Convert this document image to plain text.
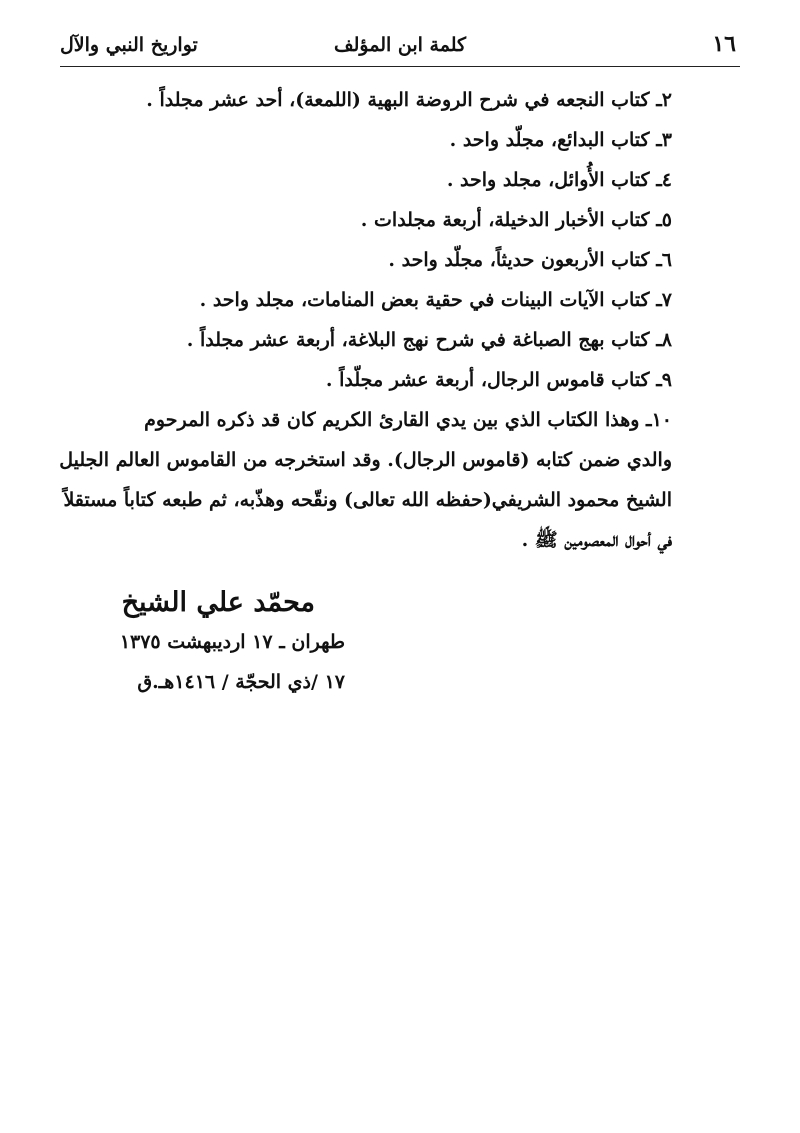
١٦
كلمة ابن المؤلف
تواريخ النبي والآل
٢ـ كتاب النجعه في شرح الروضة البهية (اللمعة)، أحد عشر مجلداً .
٣ـ كتاب البدائع، مجلّد واحد .
٤ـ كتاب الأُوائل، مجلد واحد .
٥ـ كتاب الأخبار الدخيلة، أربعة مجلدات .
٦ـ كتاب الأربعون حديثاً، مجلّد واحد .
٧ـ كتاب الآيات البينات في حقية بعض المنامات، مجلد واحد .
٨ـ كتاب بهج الصباغة في شرح نهج البلاغة، أربعة عشر مجلداً .
٩ـ كتاب قاموس الرجال، أربعة عشر مجلّداً .
١٠ـ وهذا الكتاب الذي بين يدي القارئ الكريم كان قد ذكره المرحوم
والدي ضمن كتابه (قاموس الرجال). وقد استخرجه من القاموس العالم الجليل
الشيخ محمود الشريفي(حفظه الله تعالى) ونقّحه وهذّبه، ثم طبعه كتاباً مستقلاً
في أحوال المعصومين ﷺ .
محمّد علي الشيخ
طهران ـ ١٧ ارديبهشت ١٣٧٥
١٧ /ذي الحجّة / ١٤١٦هـ.ق
